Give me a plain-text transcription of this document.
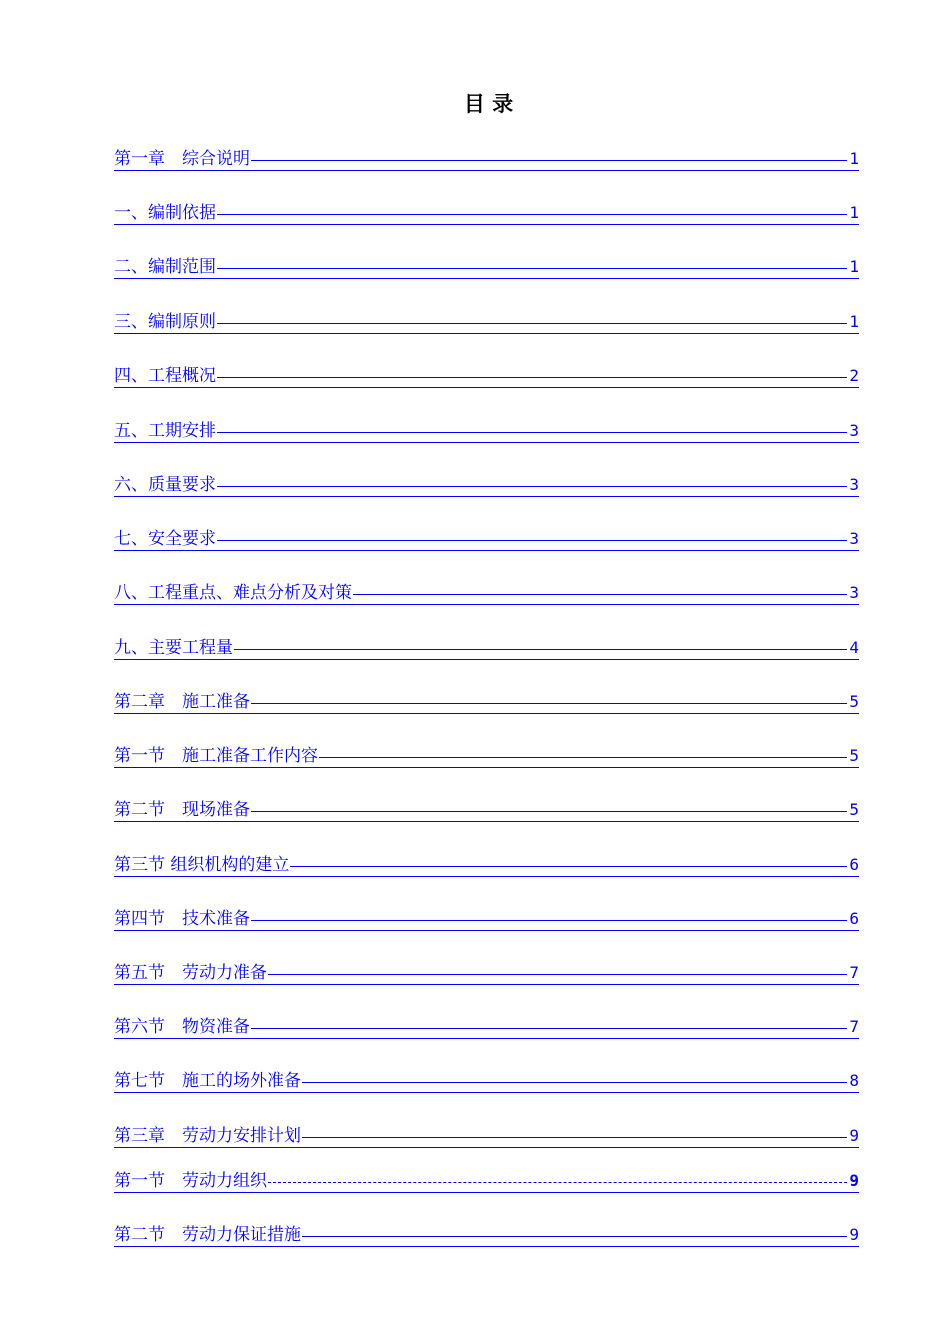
目 录
第一章　综合说明	1
一、编制依据	1
二、编制范围	1
三、编制原则	1
四、工程概况	2
五、工期安排	3
六、质量要求	3
七、安全要求	3
八、工程重点、难点分析及对策	3
九、主要工程量	4
第二章　施工准备	5
第一节　施工准备工作内容	5
第二节　现场准备	5
第三节 组织机构的建立	6
第四节　技术准备	6
第五节　劳动力准备	7
第六节　物资准备	7
第七节　施工的场外准备	8
第三章　劳动力安排计划	9
第一节　劳动力组织	9
第二节　劳动力保证措施	9
